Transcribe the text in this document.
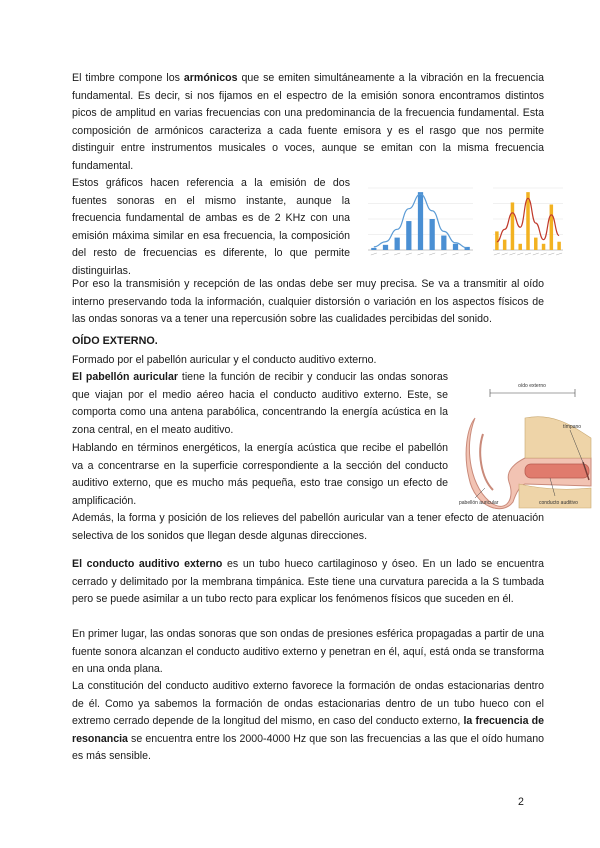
El timbre compone los armónicos que se emiten simultáneamente a la vibración en la frecuencia fundamental. Es decir, si nos fijamos en el espectro de la emisión sonora encontramos distintos picos de amplitud en varias frecuencias con una predominancia de la frecuencia fundamental. Esta composición de armónicos caracteriza a cada fuente emisora y es el rasgo que nos permite distinguir entre instrumentos musicales o voces, aunque se emitan con la misma frecuencia fundamental.

Estos gráficos hacen referencia a la emisión de dos fuentes sonoras en el mismo instante, aunque la frecuencia fundamental de ambas es de 2 KHz con una emisión máxima similar en esa frecuencia, la composición del resto de frecuencias es diferente, lo que permite distinguirlas.

Por eso la transmisión y recepción de las ondas debe ser muy precisa. Se va a transmitir al oído interno preservando toda la información, cualquier distorsión o variación en los aspectos físicos de las ondas sonoras va a tener una repercusión sobre las cualidades percibidas del sonido.

OÍDO EXTERNO.

Formado por el pabellón auricular y el conducto auditivo externo.

El pabellón auricular tiene la función de recibir y conducir las ondas sonoras que viajan por el medio aéreo hacia el conducto auditivo externo. Este, se comporta como una antena parabólica, concentrando la energía acústica en la zona central, en el meato auditivo.

Hablando en términos energéticos, la energía acústica que recibe el pabellón va a concentrarse en la superficie correspondiente a la sección del conducto auditivo externo, que es mucho más pequeña, esto trae consigo un efecto de amplificación.

Además, la forma y posición de los relieves del pabellón auricular van a tener efecto de atenuación selectiva de los sonidos que llegan desde algunas direcciones.

El conducto auditivo externo es un tubo hueco cartilaginoso y óseo. En un lado se encuentra cerrado y delimitado por la membrana timpánica. Este tiene una curvatura parecida a la S tumbada pero se puede asimilar a un tubo recto para explicar los fenómenos físicos que suceden en él.

En primer lugar, las ondas sonoras que son ondas de presiones esférica propagadas a partir de una fuente sonora alcanzan el conducto auditivo externo y penetran en él, aquí, está onda se transforma en una onda plana.

La constitución del conducto auditivo externo favorece la formación de ondas estacionarias dentro de él. Como ya sabemos la formación de ondas estacionarias dentro de un tubo hueco con el extremo cerrado depende de la longitud del mismo, en caso del conducto externo, la frecuencia de resonancia se encuentra entre los 2000-4000 Hz que son las frecuencias a las que el oído humano es más sensible.

oído externo
tímpano
pabellón auricular	conducto auditivo
2
